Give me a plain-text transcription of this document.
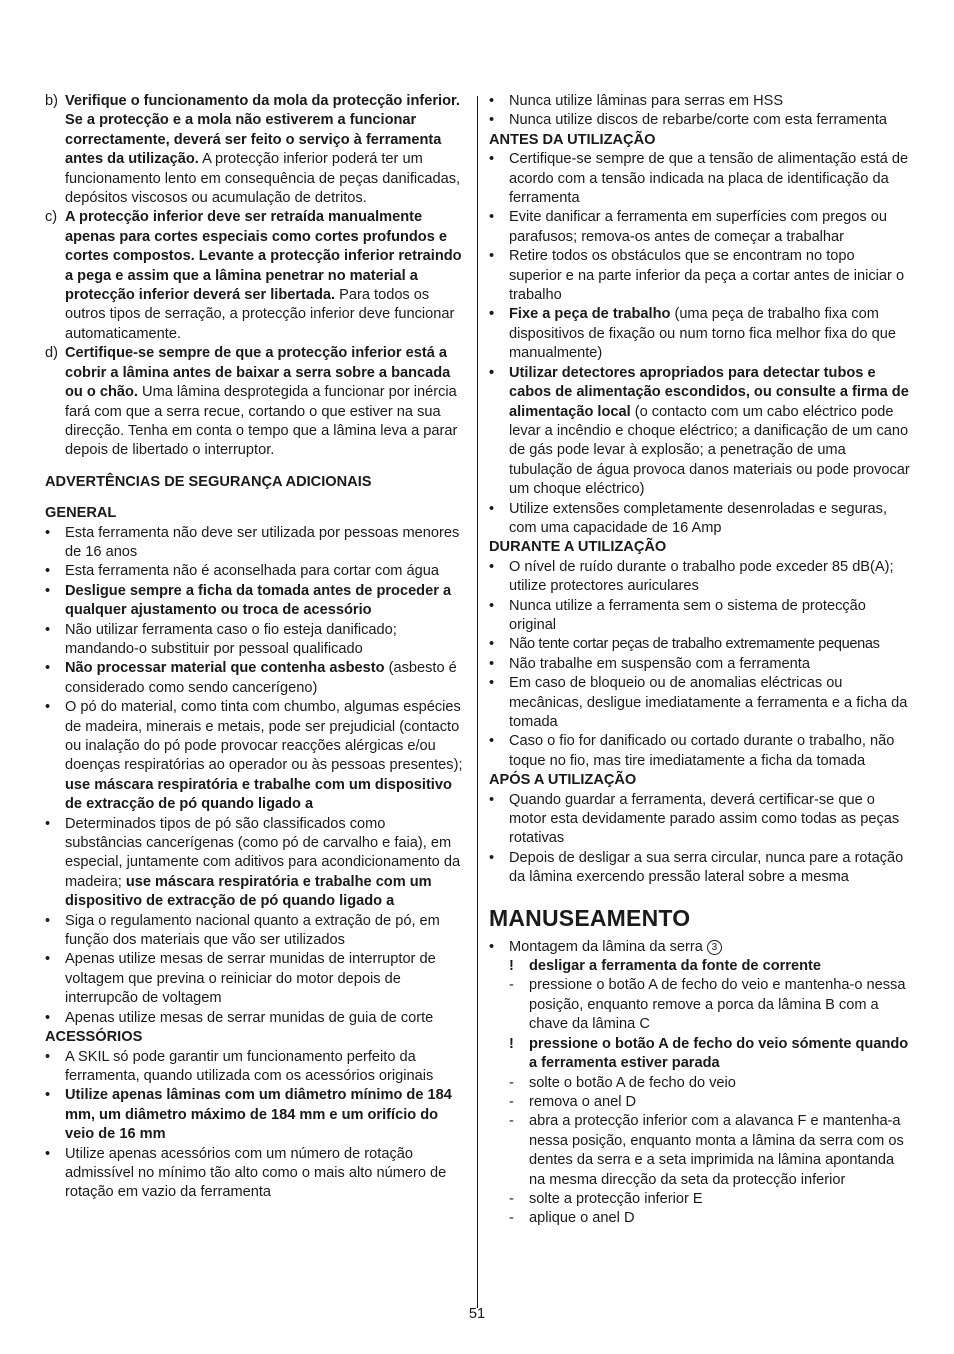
b) Verifique o funcionamento da mola da protecção inferior. Se a protecção e a mola não estiverem a funcionar correctamente, deverá ser feito o serviço à ferramenta antes da utilização. A protecção inferior poderá ter um funcionamento lento em consequência de peças danificadas, depósitos viscosos ou acumulação de detritos.
c) A protecção inferior deve ser retraída manualmente apenas para cortes especiais como cortes profundos e cortes compostos. Levante a protecção inferior retraindo a pega e assim que a lâmina penetrar no material a protecção inferior deverá ser libertada. Para todos os outros tipos de serração, a protecção inferior deve funcionar automaticamente.
d) Certifique-se sempre de que a protecção inferior está a cobrir a lâmina antes de baixar a serra sobre a bancada ou o chão. Uma lâmina desprotegida a funcionar por inércia fará com que a serra recue, cortando o que estiver na sua direcção. Tenha em conta o tempo que a lâmina leva a parar depois de libertado o interruptor.
ADVERTÊNCIAS DE SEGURANÇA ADICIONAIS
GENERAL
• Esta ferramenta não deve ser utilizada por pessoas menores de 16 anos
• Esta ferramenta não é aconselhada para cortar com água
• Desligue sempre a ficha da tomada antes de proceder a qualquer ajustamento ou troca de acessório
• Não utilizar ferramenta caso o fio esteja danificado; mandando-o substituir por pessoal qualificado
• Não processar material que contenha asbesto (asbesto é considerado como sendo cancerígeno)
• O pó do material, como tinta com chumbo, algumas espécies de madeira, minerais e metais, pode ser prejudicial (contacto ou inalação do pó pode provocar reacções alérgicas e/ou doenças respiratórias ao operador ou às pessoas presentes); use máscara respiratória e trabalhe com um dispositivo de extracção de pó quando ligado a
• Determinados tipos de pó são classificados como substâncias cancerígenas (como pó de carvalho e faia), em especial, juntamente com aditivos para acondicionamento da madeira; use máscara respiratória e trabalhe com um dispositivo de extracção de pó quando ligado a
• Siga o regulamento nacional quanto a extração de pó, em função dos materiais que vão ser utilizados
• Apenas utilize mesas de serrar munidas de interruptor de voltagem que previna o reiniciar do motor depois de interrupcão de voltagem
• Apenas utilize mesas de serrar munidas de guia de corte
ACESSÓRIOS
• A SKIL só pode garantir um funcionamento perfeito da ferramenta, quando utilizada com os acessórios originais
• Utilize apenas lâminas com um diâmetro mínimo de 184 mm, um diâmetro máximo de 184 mm e um orifício do veio de 16 mm
• Utilize apenas acessórios com um número de rotação admissível no mínimo tão alto como o mais alto número de rotação em vazio da ferramenta
• Nunca utilize lâminas para serras em HSS
• Nunca utilize discos de rebarbe/corte com esta ferramenta
ANTES DA UTILIZAÇÃO
• Certifique-se sempre de que a tensão de alimentação está de acordo com a tensão indicada na placa de identificação da ferramenta
• Evite danificar a ferramenta em superfícies com pregos ou parafusos; remova-os antes de começar a trabalhar
• Retire todos os obstáculos que se encontram no topo superior e na parte inferior da peça a cortar antes de iniciar o trabalho
• Fixe a peça de trabalho (uma peça de trabalho fixa com dispositivos de fixação ou num torno fica melhor fixa do que manualmente)
• Utilizar detectores apropriados para detectar tubos e cabos de alimentação escondidos, ou consulte a firma de alimentação local (o contacto com um cabo eléctrico pode levar a incêndio e choque eléctrico; a danificação de um cano de gás pode levar à explosão; a penetração de uma tubulação de água provoca danos materiais ou pode provocar um choque eléctrico)
• Utilize extensões completamente desenroladas e seguras, com uma capacidade de 16 Amp
DURANTE A UTILIZAÇÃO
• O nível de ruído durante o trabalho pode exceder 85 dB(A); utilize protectores auriculares
• Nunca utilize a ferramenta sem o sistema de protecção original
• Não tente cortar peças de trabalho extremamente pequenas
• Não trabalhe em suspensão com a ferramenta
• Em caso de bloqueio ou de anomalias eléctricas ou mecânicas, desligue imediatamente a ferramenta e a ficha da tomada
• Caso o fio for danificado ou cortado durante o trabalho, não toque no fio, mas tire imediatamente a ficha da tomada
APÓS A UTILIZAÇÃO
• Quando guardar a ferramenta, deverá certificar-se que o motor esta devidamente parado assim como todas as peças rotativas
• Depois de desligar a sua serra circular, nunca pare a rotação da lâmina exercendo pressão lateral sobre a mesma
MANUSEAMENTO
• Montagem da lâmina da serra 3
! desligar a ferramenta da fonte de corrente
- pressione o botão A de fecho do veio e mantenha-o nessa posição, enquanto remove a porca da lâmina B com a chave da lâmina C
! pressione o botão A de fecho do veio sómente quando a ferramenta estiver parada
- solte o botão A de fecho do veio
- remova o anel D
- abra a protecção inferior com a alavanca F e mantenha-a nessa posição, enquanto monta a lâmina da serra com os dentes da serra e a seta imprimida na lâmina apontanda na mesma direcção da seta da protecção inferior
- solte a protecção inferior E
- aplique o anel D
51
